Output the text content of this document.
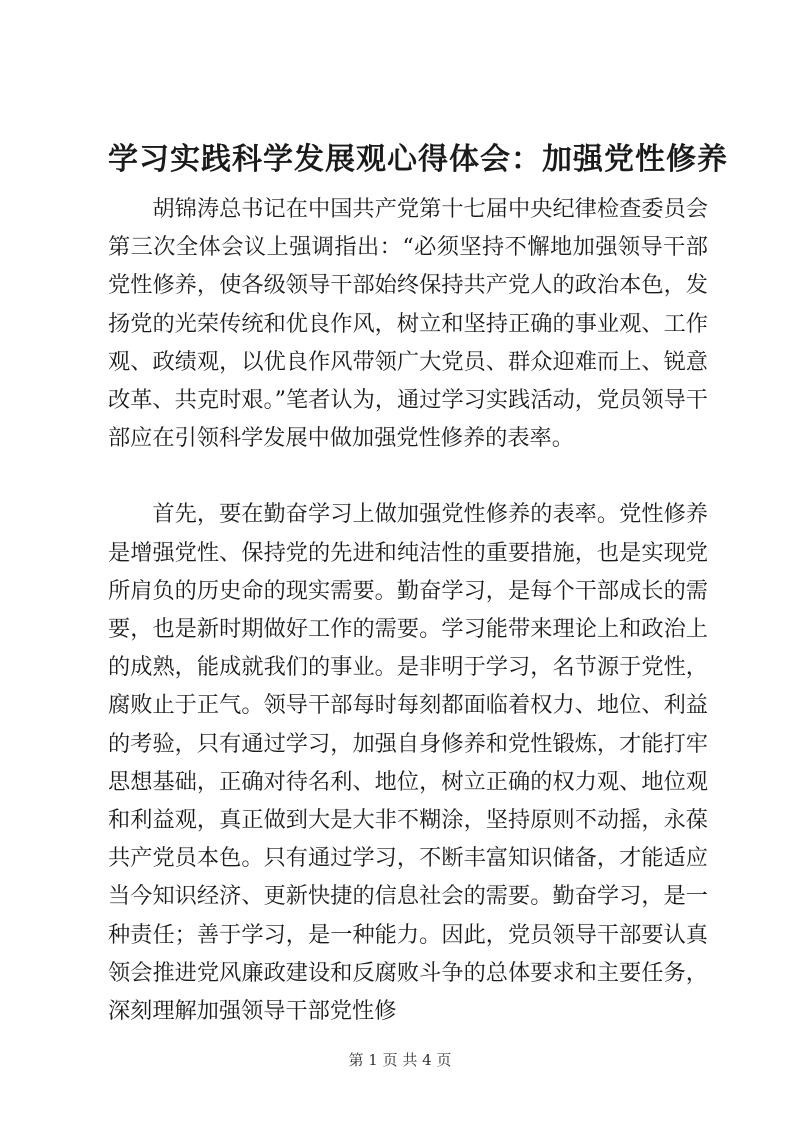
学习实践科学发展观心得体会：加强党性修养

胡锦涛总书记在中国共产党第十七届中央纪律检查委员会第三次全体会议上强调指出：“必须坚持不懈地加强领导干部党性修养，使各级领导干部始终保持共产党人的政治本色，发扬党的光荣传统和优良作风，树立和坚持正确的事业观、工作观、政绩观，以优良作风带领广大党员、群众迎难而上、锐意改革、共克时艰。”笔者认为，通过学习实践活动，党员领导干部应在引领科学发展中做加强党性修养的表率。

首先，要在勤奋学习上做加强党性修养的表率。党性修养是增强党性、保持党的先进和纯洁性的重要措施，也是实现党所肩负的历史命的现实需要。勤奋学习，是每个干部成长的需要，也是新时期做好工作的需要。学习能带来理论上和政治上的成熟，能成就我们的事业。是非明于学习，名节源于党性，腐败止于正气。领导干部每时每刻都面临着权力、地位、利益的考验，只有通过学习，加强自身修养和党性锻炼，才能打牢思想基础，正确对待名利、地位，树立正确的权力观、地位观和利益观，真正做到大是大非不糊涂，坚持原则不动摇，永葆共产党员本色。只有通过学习，不断丰富知识储备，才能适应当今知识经济、更新快捷的信息社会的需要。勤奋学习，是一种责任；善于学习，是一种能力。因此，党员领导干部要认真领会推进党风廉政建设和反腐败斗争的总体要求和主要任务，深刻理解加强领导干部党性修

第 1 页 共 4 页
